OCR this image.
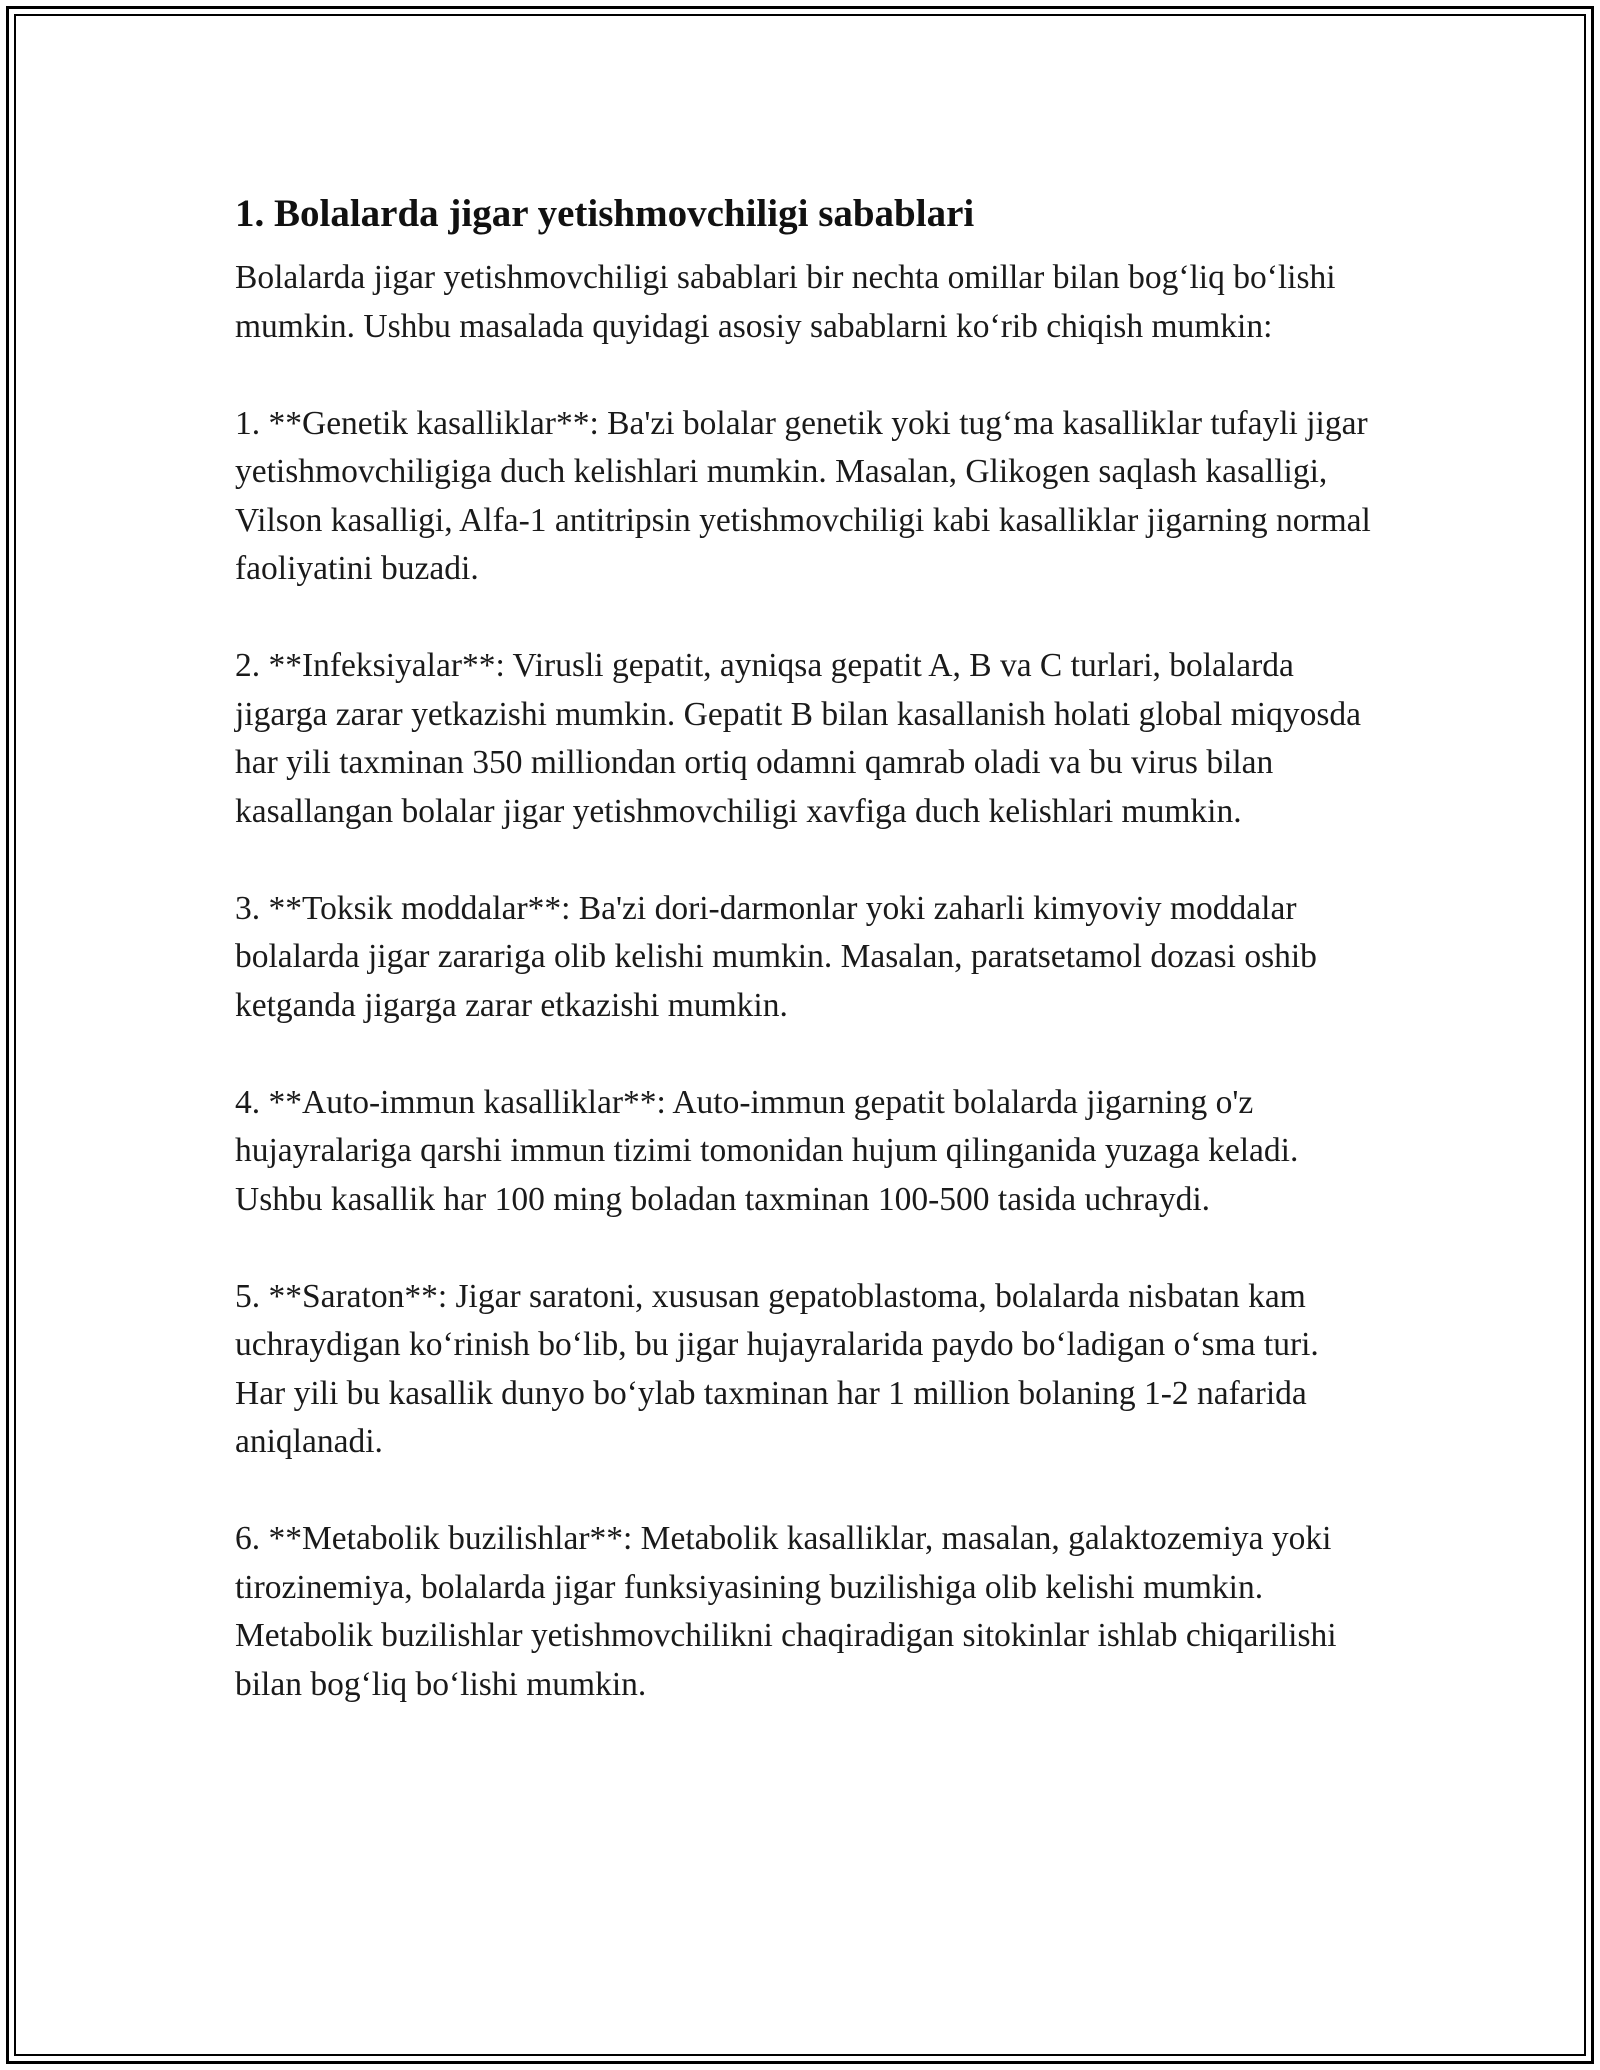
1. Bolalarda jigar yetishmovchiligi sabablari

Bolalarda jigar yetishmovchiligi sabablari bir nechta omillar bilan bog‘liq bo‘lishi mumkin. Ushbu masalada quyidagi asosiy sabablarni ko‘rib chiqish mumkin:

1. **Genetik kasalliklar**: Ba'zi bolalar genetik yoki tug‘ma kasalliklar tufayli jigar yetishmovchiligiga duch kelishlari mumkin. Masalan, Glikogen saqlash kasalligi, Vilson kasalligi, Alfa-1 antitripsin yetishmovchiligi kabi kasalliklar jigarning normal faoliyatini buzadi.

2. **Infeksiyalar**: Virusli gepatit, ayniqsa gepatit A, B va C turlari, bolalarda jigarga zarar yetkazishi mumkin. Gepatit B bilan kasallanish holati global miqyosda har yili taxminan 350 milliondan ortiq odamni qamrab oladi va bu virus bilan kasallangan bolalar jigar yetishmovchiligi xavfiga duch kelishlari mumkin.

3. **Toksik moddalar**: Ba'zi dori-darmonlar yoki zaharli kimyoviy moddalar bolalarda jigar zarariga olib kelishi mumkin. Masalan, paratsetamol dozasi oshib ketganda jigarga zarar etkazishi mumkin.

4. **Auto-immun kasalliklar**: Auto-immun gepatit bolalarda jigarning o'z hujayralariga qarshi immun tizimi tomonidan hujum qilinganida yuzaga keladi. Ushbu kasallik har 100 ming boladan taxminan 100-500 tasida uchraydi.

5. **Saraton**: Jigar saratoni, xususan gepatoblastoma, bolalarda nisbatan kam uchraydigan ko‘rinish bo‘lib, bu jigar hujayralarida paydo bo‘ladigan o‘sma turi. Har yili bu kasallik dunyo bo‘ylab taxminan har 1 million bolaning 1-2 nafarida aniqlanadi.

6. **Metabolik buzilishlar**: Metabolik kasalliklar, masalan, galaktozemiya yoki tirozinemiya, bolalarda jigar funksiyasining buzilishiga olib kelishi mumkin. Metabolik buzilishlar yetishmovchilikni chaqiradigan sitokinlar ishlab chiqarilishi bilan bog‘liq bo‘lishi mumkin.
